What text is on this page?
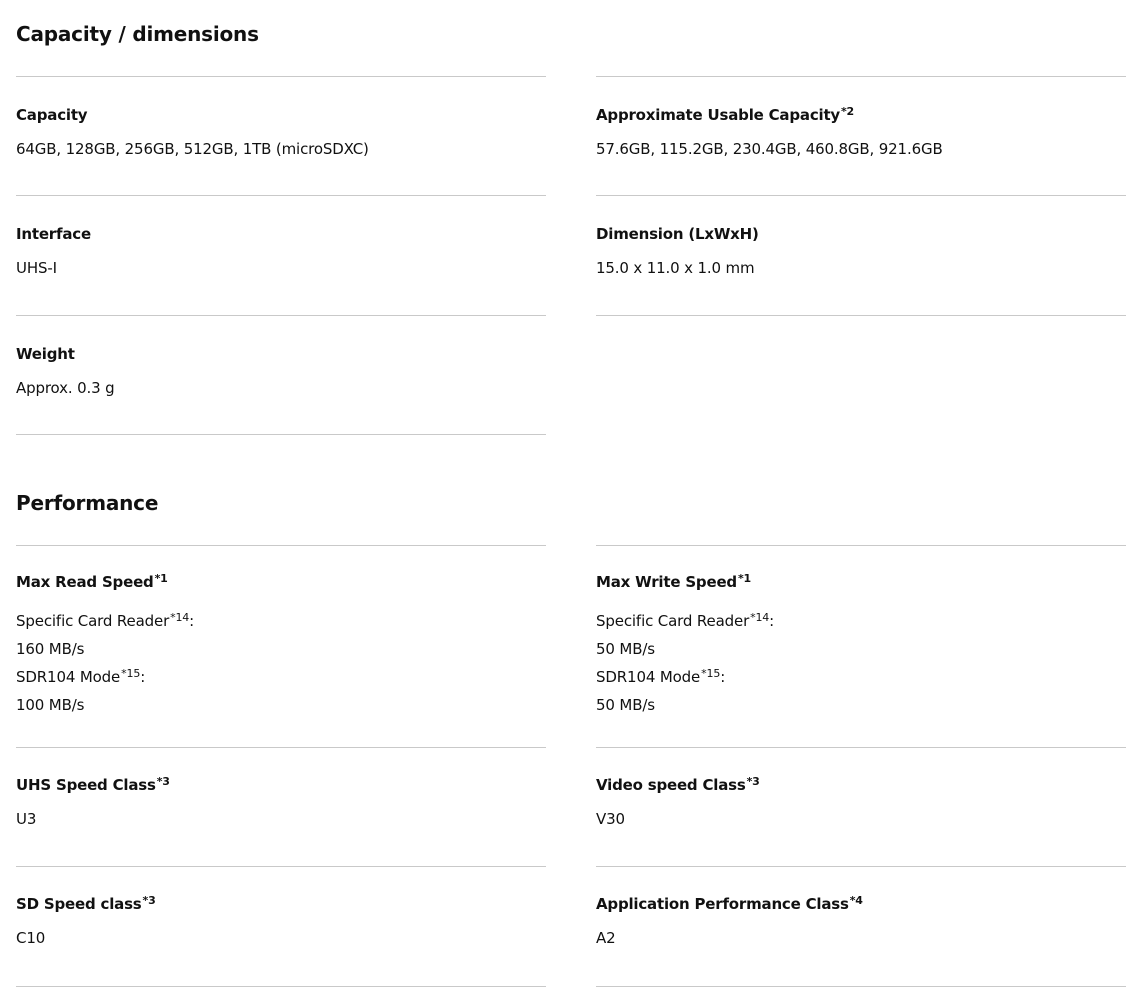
Capacity / dimensions
Capacity
64GB, 128GB, 256GB, 512GB, 1TB (microSDXC)
Approximate Usable Capacity$^{*2}$
57.6GB, 115.2GB, 230.4GB, 460.8GB, 921.6GB
Interface
UHS-I
Dimension (LxWxH)
15.0 x 11.0 x 1.0 mm
Weight
Approx. 0.3 g
Performance
Max Read Speed$^{*1}$
Specific Card Reader$^{*14}$:
160 MB/s
SDR104 Mode$^{*15}$:
100 MB/s
Max Write Speed$^{*1}$
Specific Card Reader$^{*14}$:
50 MB/s
SDR104 Mode$^{*15}$:
50 MB/s
UHS Speed Class$^{*3}$
U3
Video speed Class$^{*3}$
V30
SD Speed class$^{*3}$
C10
Application Performance Class$^{*4}$
A2
